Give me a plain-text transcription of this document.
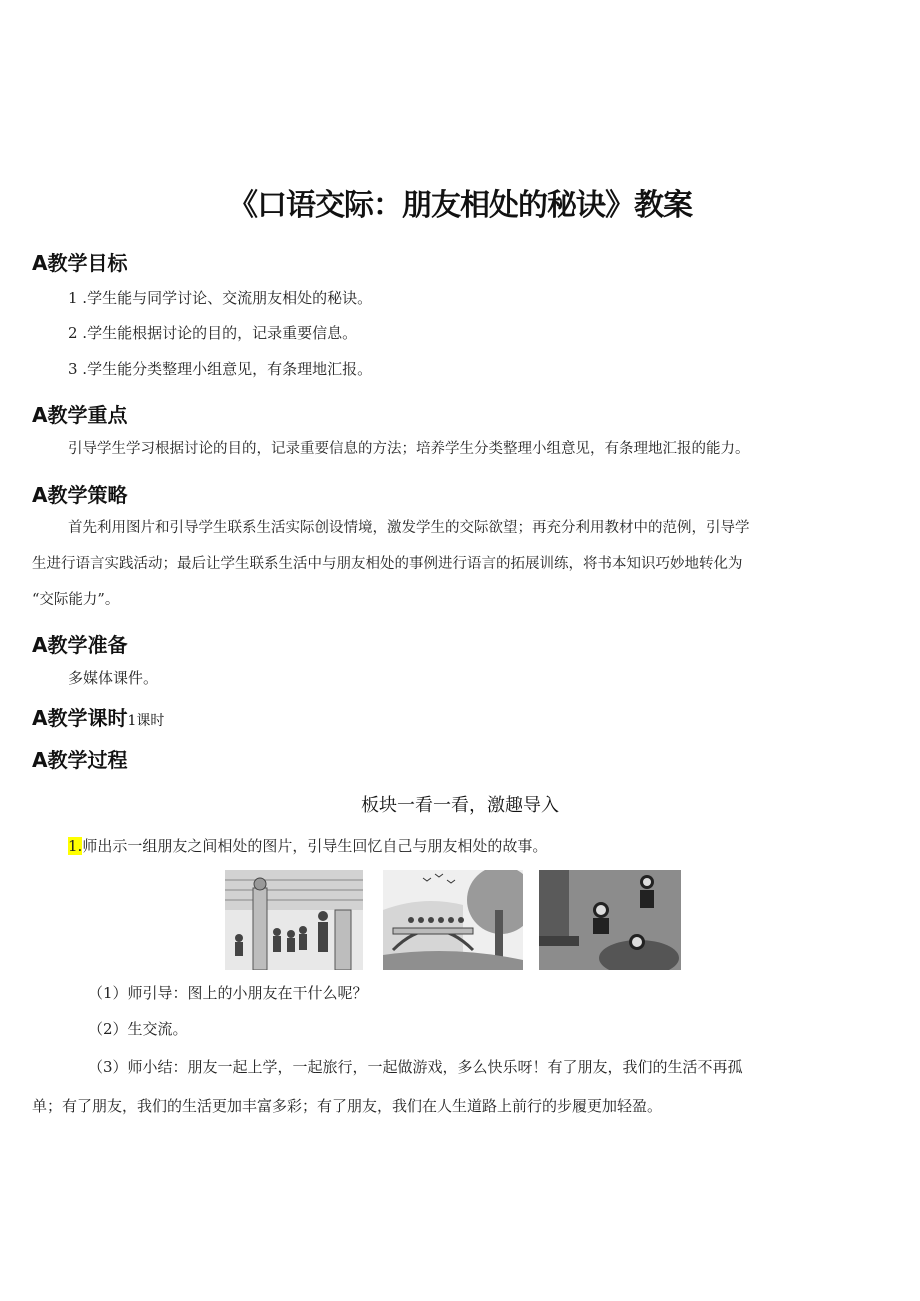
《口语交际：朋友相处的秘诀》教案
A教学目标
1 .学生能与同学讨论、交流朋友相处的秘诀。
2 .学生能根据讨论的目的，记录重要信息。
3 .学生能分类整理小组意见，有条理地汇报。
A教学重点
引导学生学习根据讨论的目的，记录重要信息的方法；培养学生分类整理小组意见，有条理地汇报的能力。
A教学策略
首先利用图片和引导学生联系生活实际创设情境，激发学生的交际欲望；再充分利用教材中的范例，引导学
生进行语言实践活动；最后让学生联系生活中与朋友相处的事例进行语言的拓展训练，将书本知识巧妙地转化为
“交际能力”。
A教学准备
多媒体课件。
A教学课时1课时
A教学过程
板块一看一看，激趣导入
1.师出示一组朋友之间相处的图片，引导生回忆自己与朋友相处的故事。
（1）师引导：图上的小朋友在干什么呢？
（2）生交流。
（3）师小结：朋友一起上学，一起旅行，一起做游戏，多么快乐呀！有了朋友，我们的生活不再孤
单；有了朋友，我们的生活更加丰富多彩；有了朋友，我们在人生道路上前行的步履更加轻盈。
